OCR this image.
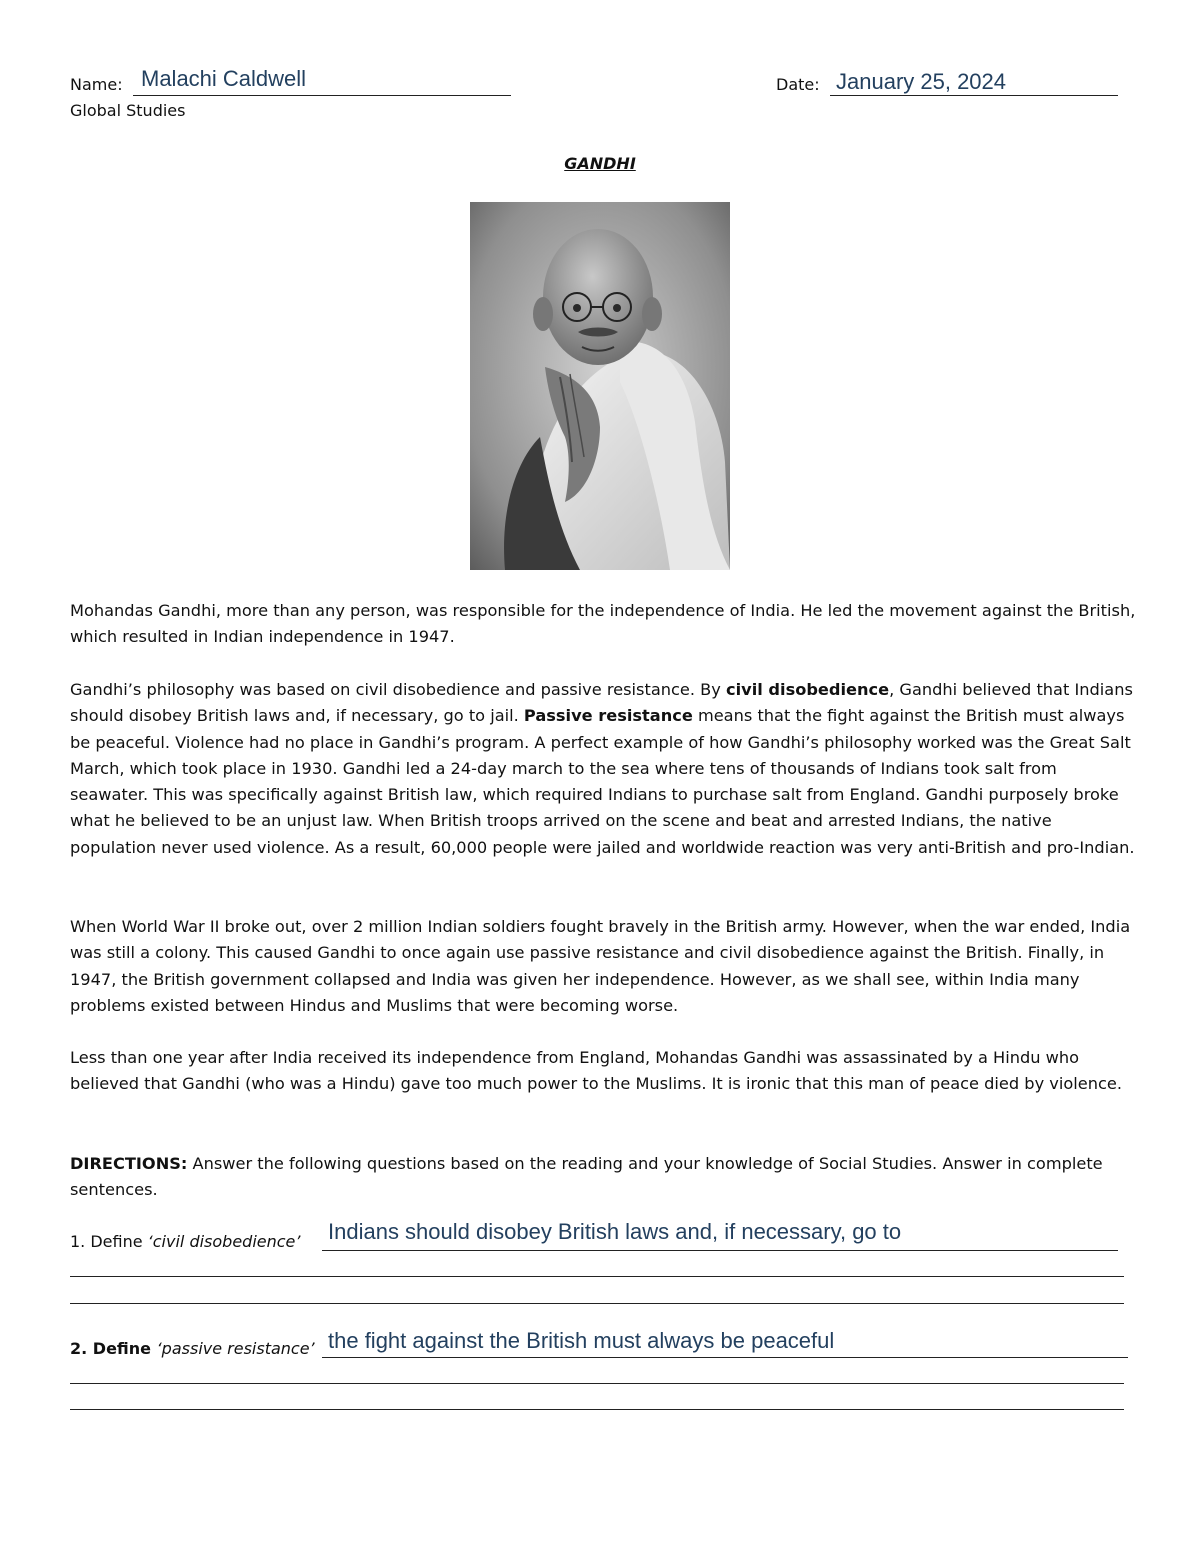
Name: Malachi Caldwell	Date: January 25, 2024
Global Studies
GANDHI

Mohandas Gandhi, more than any person, was responsible for the independence of India. He led the movement against the British, which resulted in Indian independence in 1947.

Gandhi’s philosophy was based on civil disobedience and passive resistance. By civil disobedience, Gandhi believed that Indians should disobey British laws and, if necessary, go to jail. Passive resistance means that the fight against the British must always be peaceful. Violence had no place in Gandhi’s program. A perfect example of how Gandhi’s philosophy worked was the Great Salt March, which took place in 1930. Gandhi led a 24-day march to the sea where tens of thousands of Indians took salt from seawater. This was specifically against British law, which required Indians to purchase salt from England. Gandhi purposely broke what he believed to be an unjust law. When British troops arrived on the scene and beat and arrested Indians, the native population never used violence. As a result, 60,000 people were jailed and worldwide reaction was very anti-British and pro-Indian.

When World War II broke out, over 2 million Indian soldiers fought bravely in the British army. However, when the war ended, India was still a colony. This caused Gandhi to once again use passive resistance and civil disobedience against the British. Finally, in 1947, the British government collapsed and India was given her independence. However, as we shall see, within India many problems existed between Hindus and Muslims that were becoming worse.

Less than one year after India received its independence from England, Mohandas Gandhi was assassinated by a Hindu who believed that Gandhi (who was a Hindu) gave too much power to the Muslims. It is ironic that this man of peace died by violence.

DIRECTIONS: Answer the following questions based on the reading and your knowledge of Social Studies. Answer in complete sentences.

1. Define ‘civil disobedience’ Indians should disobey British laws and, if necessary, go to
2. Define ‘passive resistance’ the fight against the British must always be peaceful
